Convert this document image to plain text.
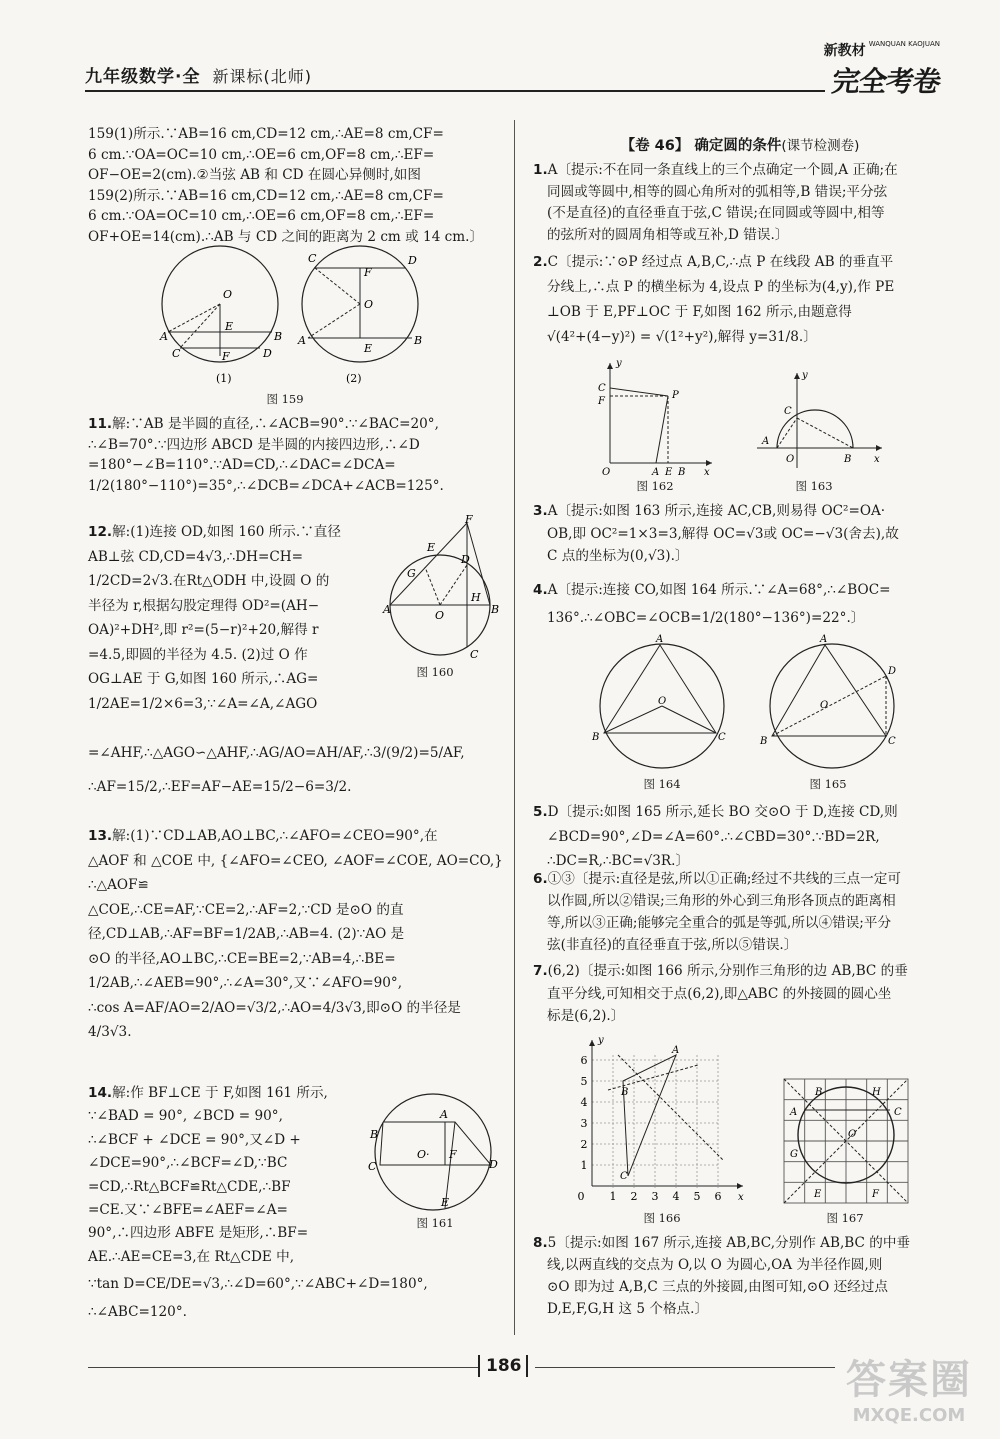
九年级数学·全 新课标(北师)
新教材 WANQUAN KAOJUAN
完全考卷

159(1)所示.∵AB=16 cm,CD=12 cm,∴AE=8 cm,CF=

6 cm.∵OA=OC=10 cm,∴OE=6 cm,OF=8 cm,∴EF=

OF−OE=2(cm).②当弦 AB 和 CD 在圆心异侧时,如图

159(2)所示.∵AB=16 cm,CD=12 cm,∴AE=8 cm,CF=

6 cm.∵OA=OC=10 cm,∴OE=6 cm,OF=8 cm,∴EF=

OF+OE=14(cm).∴AB 与 CD 之间的距离为 2 cm 或 14 cm.〕

O
E
A	B
C	D
F
C	D
F
O
A	B
E
(1)	(2)
图 159

11.解:∵AB 是半圆的直径,∴∠ACB=90°.∵∠BAC=20°,

∴∠B=70°.∵四边形 ABCD 是半圆的内接四边形,∴∠D

=180°−∠B=110°.∵AD=CD,∴∠DAC=∠DCA=

1/2(180°−110°)=35°,∴∠DCB=∠DCA+∠ACB=125°.

12.解:(1)连接 OD,如图 160 所示.∵直径

AB⊥弦 CD,CD=4√3,∴DH=CH=

1/2CD=2√3.在Rt△ODH 中,设圆 O 的

半径为 r,根据勾股定理得 OD²=(AH−

OA)²+DH²,即 r²=(5−r)²+20,解得 r

=4.5,即圆的半径为 4.5. (2)过 O 作

OG⊥AE 于 G,如图 160 所示,∴AG=

1/2AE=1/2×6=3,∵∠A=∠A,∠AGO

=∠AHF,∴△AGO∽△AHF,∴AG/AO=AH/AF,∴3/(9/2)=5/AF,

∴AF=15/2,∴EF=AF−AE=15/2−6=3/2.

F
E
G
D
H
O
A	B
C
图 160

13.解:(1)∵CD⊥AB,AO⊥BC,∴∠AFO=∠CEO=90°,在

△AOF 和 △COE 中, {∠AFO=∠CEO, ∠AOF=∠COE, AO=CO,} ∴△AOF≌

△COE,∴CE=AF,∵CE=2,∴AF=2,∵CD 是⊙O 的直

径,CD⊥AB,∴AF=BF=1/2AB,∴AB=4. (2)∵AO 是

⊙O 的半径,AO⊥BC,∴CE=BE=2,∵AB=4,∴BE=

1/2AB,∴∠AEB=90°,∴∠A=30°,又∵∠AFO=90°,

∴cos A=AF/AO=2/AO=√3/2,∴AO=4/3√3,即⊙O 的半径是4/3√3.

14.解:作 BF⊥CE 于 F,如图 161 所示,

∵∠BAD = 90°, ∠BCD = 90°,

∴∠BCF + ∠DCE = 90°,又∠D +

∠DCE=90°,∴∠BCF=∠D,∵BC

=CD,∴Rt△BCF≌Rt△CDE,∴BF

=CE.又∵∠BFE=∠AEF=∠A=

90°,∴四边形 ABFE 是矩形,∴BF=

AE.∴AE=CE=3,在 Rt△CDE 中,

∵tan D=CE/DE=√3,∴∠D=60°,∵∠ABC+∠D=180°,

∴∠ABC=120°.

A
B
F
O·
C	D
E
图 161
【卷 46】 确定圆的条件(课节检测卷)

1.A〔提示:不在同一条直线上的三个点确定一个圆,A 正确;在

同圆或等圆中,相等的圆心角所对的弧相等,B 错误;平分弦

(不是直径)的直径垂直于弦,C 错误;在同圆或等圆中,相等

的弦所对的圆周角相等或互补,D 错误.〕

2.C〔提示:∵⊙P 经过点 A,B,C,∴点 P 在线段 AB 的垂直平

分线上,∴点 P 的横坐标为 4,设点 P 的坐标为(4,y),作 PE

⊥OB 于 E,PF⊥OC 于 F,如图 162 所示,由题意得

√(4²+(4−y)²) = √(1²+y²),解得 y=31/8.〕

y
C
F
P
O	A E B x
图 162
y
C
A
O	B x
图 163

3.A〔提示:如图 163 所示,连接 AC,CB,则易得 OC²=OA·

OB,即 OC²=1×3=3,解得 OC=√3或 OC=−√3(舍去),故

C 点的坐标为(0,√3).〕

4.A〔提示:连接 CO,如图 164 所示.∵∠A=68°,∴∠BOC=

136°.∴∠OBC=∠OCB=1/2(180°−136°)=22°.〕

A
O
B	C
图 164
A
D
O
B	C
图 165

5.D〔提示:如图 165 所示,延长 BO 交⊙O 于 D,连接 CD,则

∠BCD=90°,∠D=∠A=60°.∴∠CBD=30°.∵BD=2R,

∴DC=R,∴BC=√3R.〕

6.①③〔提示:直径是弦,所以①正确;经过不共线的三点一定可

以作圆,所以②错误;三角形的外心到三角形各顶点的距离相

等,所以③正确;能够完全重合的弧是等弧,所以④错误;平分

弦(非直径)的直径垂直于弦,所以⑤错误.〕

7.(6,2)〔提示:如图 166 所示,分别作三角形的边 AB,BC 的垂

直平分线,可知相交于点(6,2),即△ABC 的外接圆的圆心坐

标是(6,2).〕

6
5
4
3
2
1
0 1 2 3 4 5 6
y
x
A
B
C
图 166
A
B
C
H
G
O
E	F
图 167

8.5〔提示:如图 167 所示,连接 AB,BC,分别作 AB,BC 的中垂

线,以两直线的交点为 O,以 O 为圆心,OA 为半径作圆,则

⊙O 即为过 A,B,C 三点的外接圆,由图可知,⊙O 还经过点

D,E,F,G,H 这 5 个格点.〕

186	答案圈
MXQE.COM
